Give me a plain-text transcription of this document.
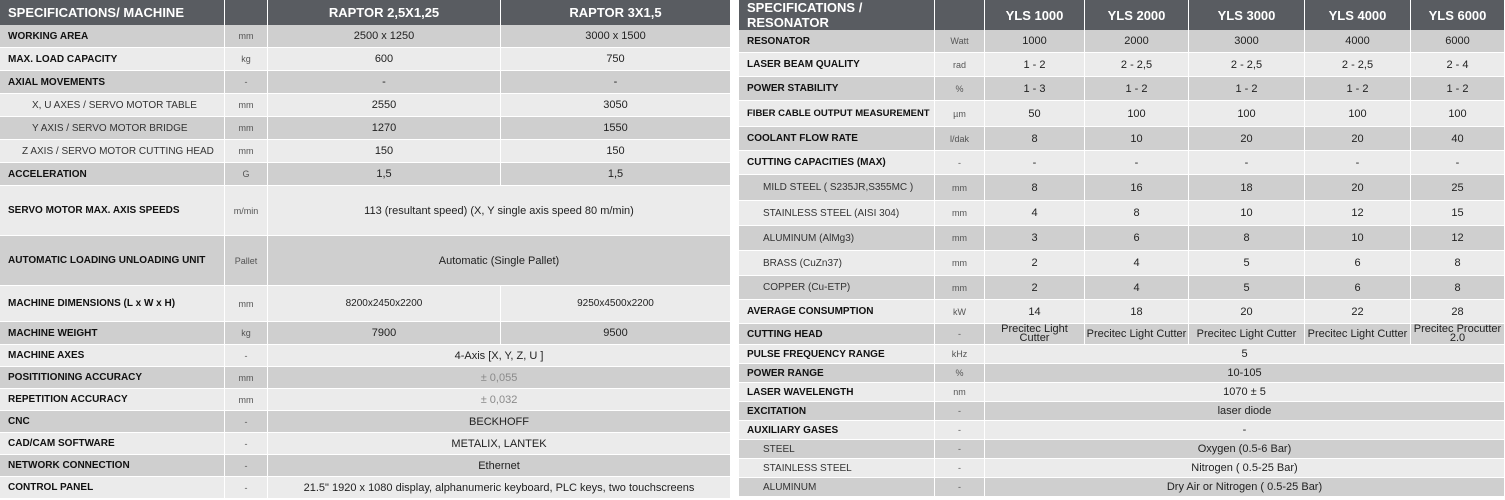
SPECIFICATIONS/ MACHINE		RAPTOR 2,5X1,25	RAPTOR 3X1,5
WORKING AREA	mm	2500 x 1250	3000 x 1500
MAX. LOAD CAPACITY	kg	600	750
AXIAL MOVEMENTS	-	-	-
X, U AXES / SERVO MOTOR TABLE	mm	2550	3050
Y AXIS / SERVO MOTOR BRIDGE	mm	1270	1550
Z AXIS / SERVO MOTOR CUTTING HEAD	mm	150	150
ACCELERATION	G	1,5	1,5
SERVO MOTOR MAX. AXIS SPEEDS	m/min	113 (resultant speed) (X, Y single axis speed 80 m/min)	
AUTOMATIC LOADING UNLOADING UNIT	Pallet	Automatic (Single Pallet)	
MACHINE DIMENSIONS (L x W x H)	mm	8200x2450x2200	9250x4500x2200
MACHINE WEIGHT	kg	7900	9500
MACHINE AXES	-	4-Axis [X, Y, Z, U ]	
POSITITIONING ACCURACY	mm	± 0,055	
REPETITION ACCURACY	mm	± 0,032	
CNC	-	BECKHOFF	
CAD/CAM SOFTWARE	-	METALIX, LANTEK	
NETWORK CONNECTION	-	Ethernet	
CONTROL PANEL	-	21.5" 1920 x 1080 display, alphanumeric keyboard, PLC keys, two touchscreens	
SPECIFICATIONS / RESONATOR		YLS 1000	YLS 2000	YLS 3000	YLS 4000	YLS 6000
RESONATOR	Watt	1000	2000	3000	4000	6000
LASER BEAM QUALITY	rad	1 - 2	2 - 2,5	2 - 2,5	2 - 2,5	2 - 4
POWER STABILITY	%	1 - 3	1 - 2	1 - 2	1 - 2	1 - 2
FIBER CABLE OUTPUT MEASUREMENT	µm	50	100	100	100	100
COOLANT FLOW RATE	l/dak	8	10	20	20	40
CUTTING CAPACITIES (MAX)	-	-	-	-	-	-
MILD STEEL ( S235JR,S355MC )	mm	8	16	18	20	25
STAINLESS STEEL (AISI 304)	mm	4	8	10	12	15
ALUMINUM (AlMg3)	mm	3	6	8	10	12
BRASS (CuZn37)	mm	2	4	5	6	8
COPPER (Cu-ETP)	mm	2	4	5	6	8
AVERAGE CONSUMPTION	kW	14	18	20	22	28
CUTTING HEAD	-	Precitec Light Cutter	Precitec Light Cutter	Precitec Light Cutter	Precitec Light Cutter	Precitec Procutter 2.0
PULSE FREQUENCY RANGE	kHz	5				
POWER RANGE	%	10-105				
LASER WAVELENGTH	nm	1070 ± 5				
EXCITATION	-	laser diode				
AUXILIARY GASES	-	-				
STEEL	-	Oxygen (0.5-6 Bar)				
STAINLESS STEEL	-	Nitrogen ( 0.5-25 Bar)				
ALUMINUM	-	Dry Air or Nitrogen ( 0.5-25 Bar)				
